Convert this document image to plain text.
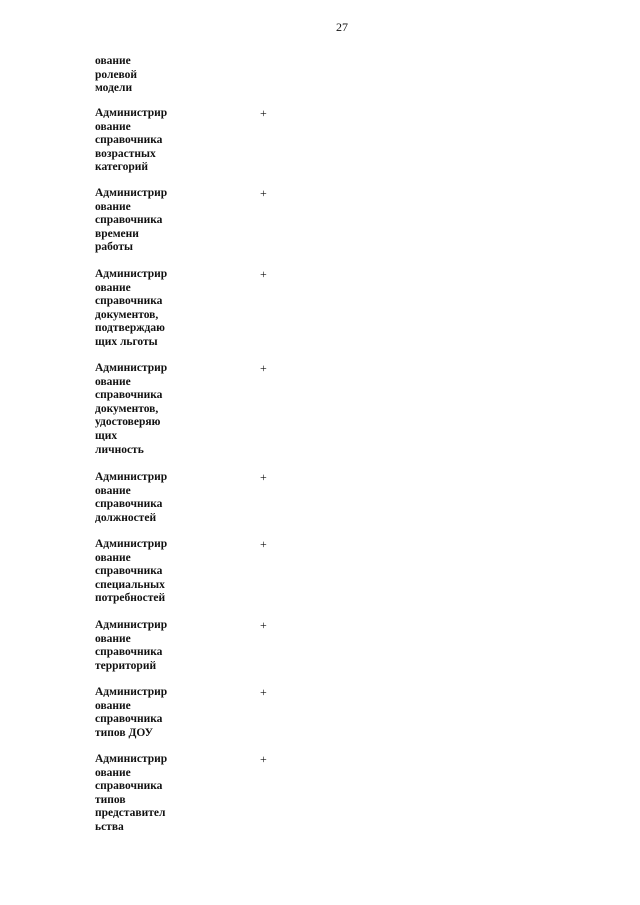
27
ование
ролевой
модели
Администрир
ование
справочника
возрастных
категорий
+
Администрир
ование
справочника
времени
работы
+
Администрир
ование
справочника
документов,
подтверждаю
щих льготы
+
Администрир
ование
справочника
документов,
удостоверяю
щих
личность
+
Администрир
ование
справочника
должностей
+
Администрир
ование
справочника
специальных
потребностей
+
Администрир
ование
справочника
территорий
+
Администрир
ование
справочника
типов ДОУ
+
Администрир
ование
справочника
типов
представител
ьства
+
